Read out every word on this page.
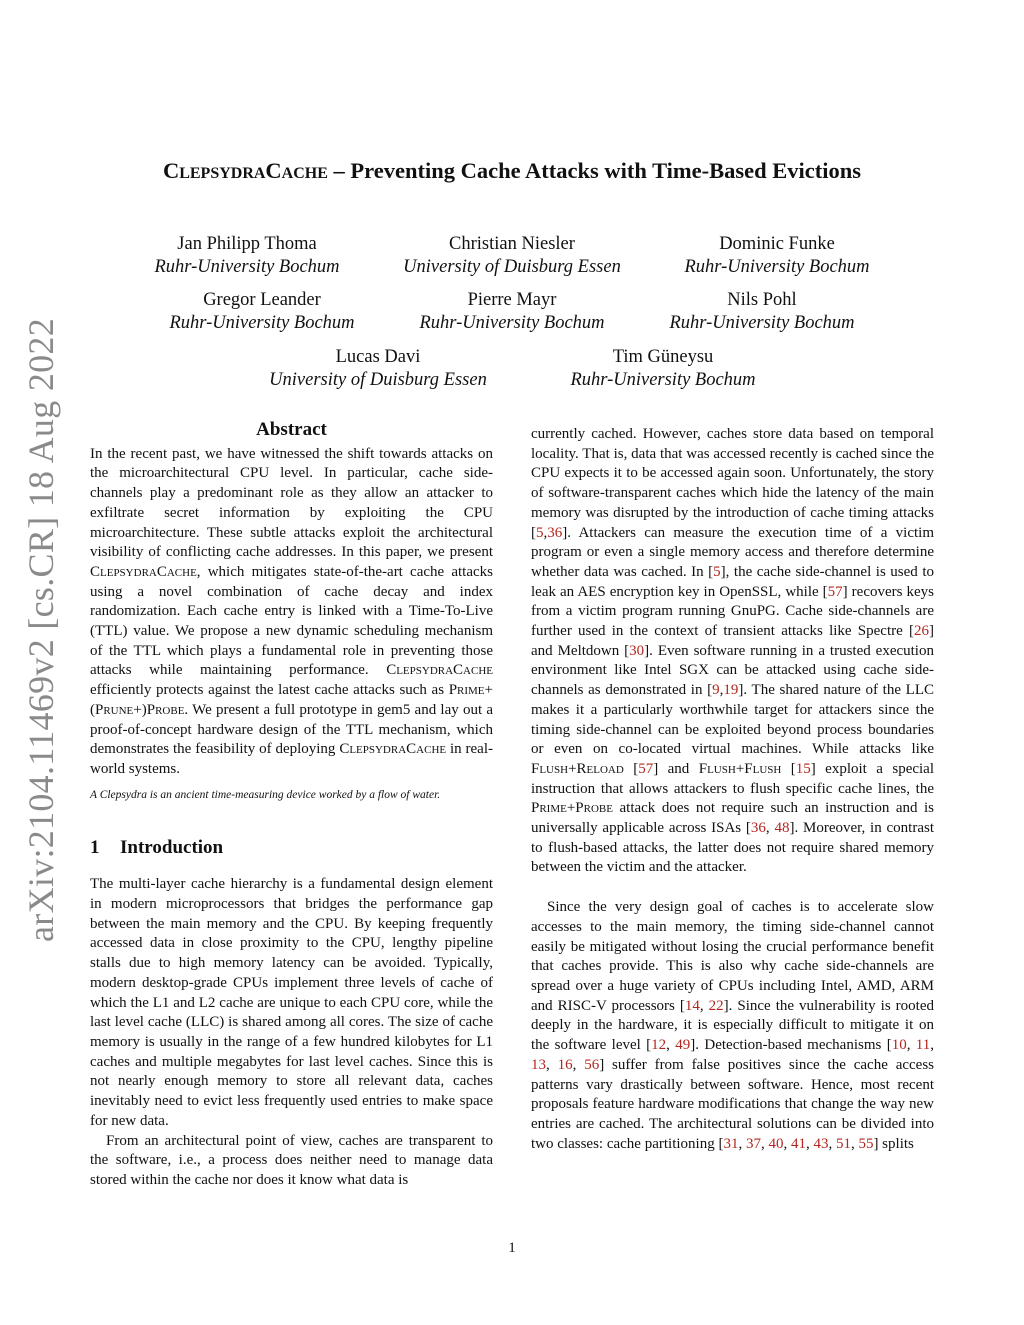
arXiv:2104.11469v2 [cs.CR] 18 Aug 2022
ClepsydraCache – Preventing Cache Attacks with Time-Based Evictions
Jan Philipp Thoma
Ruhr-University Bochum
Christian Niesler
University of Duisburg Essen
Dominic Funke
Ruhr-University Bochum
Gregor Leander
Ruhr-University Bochum
Pierre Mayr
Ruhr-University Bochum
Nils Pohl
Ruhr-University Bochum
Lucas Davi
University of Duisburg Essen
Tim Güneysu
Ruhr-University Bochum
Abstract

In the recent past, we have witnessed the shift towards attacks on the microarchitectural CPU level. In particular, cache side-channels play a predominant role as they allow an attacker to exfiltrate secret information by exploiting the CPU microarchitecture. These subtle attacks exploit the architectural visibility of conflicting cache addresses. In this paper, we present ClepsydraCache, which mitigates state-of-the-art cache attacks using a novel combination of cache decay and index randomization. Each cache entry is linked with a Time-To-Live (TTL) value. We propose a new dynamic scheduling mechanism of the TTL which plays a fundamental role in preventing those attacks while maintaining performance. ClepsydraCache efficiently protects against the latest cache attacks such as Prime+(Prune+)Probe. We present a full prototype in gem5 and lay out a proof-of-concept hardware design of the TTL mechanism, which demonstrates the feasibility of deploying ClepsydraCache in real-world systems.

A Clepsydra is an ancient time-measuring device worked by a flow of water.

1 Introduction

The multi-layer cache hierarchy is a fundamental design element in modern microprocessors that bridges the performance gap between the main memory and the CPU. By keeping frequently accessed data in close proximity to the CPU, lengthy pipeline stalls due to high memory latency can be avoided. Typically, modern desktop-grade CPUs implement three levels of cache of which the L1 and L2 cache are unique to each CPU core, while the last level cache (LLC) is shared among all cores. The size of cache memory is usually in the range of a few hundred kilobytes for L1 caches and multiple megabytes for last level caches. Since this is not nearly enough memory to store all relevant data, caches inevitably need to evict less frequently used entries to make space for new data.

From an architectural point of view, caches are transparent to the software, i.e., a process does neither need to manage data stored within the cache nor does it know what data is

currently cached. However, caches store data based on temporal locality. That is, data that was accessed recently is cached since the CPU expects it to be accessed again soon. Unfortunately, the story of software-transparent caches which hide the latency of the main memory was disrupted by the introduction of cache timing attacks [5,36]. Attackers can measure the execution time of a victim program or even a single memory access and therefore determine whether data was cached. In [5], the cache side-channel is used to leak an AES encryption key in OpenSSL, while [57] recovers keys from a victim program running GnuPG. Cache side-channels are further used in the context of transient attacks like Spectre [26] and Meltdown [30]. Even software running in a trusted execution environment like Intel SGX can be attacked using cache side-channels as demonstrated in [9,19]. The shared nature of the LLC makes it a particularly worthwhile target for attackers since the timing side-channel can be exploited beyond process boundaries or even on co-located virtual machines. While attacks like Flush+Reload [57] and Flush+Flush [15] exploit a special instruction that allows attackers to flush specific cache lines, the Prime+Probe attack does not require such an instruction and is universally applicable across ISAs [36, 48]. Moreover, in contrast to flush-based attacks, the latter does not require shared memory between the victim and the attacker.

Since the very design goal of caches is to accelerate slow accesses to the main memory, the timing side-channel cannot easily be mitigated without losing the crucial performance benefit that caches provide. This is also why cache side-channels are spread over a huge variety of CPUs including Intel, AMD, ARM and RISC-V processors [14, 22]. Since the vulnerability is rooted deeply in the hardware, it is especially difficult to mitigate it on the software level [12, 49]. Detection-based mechanisms [10, 11, 13, 16, 56] suffer from false positives since the cache access patterns vary drastically between software. Hence, most recent proposals feature hardware modifications that change the way new entries are cached. The architectural solutions can be divided into two classes: cache partitioning [31, 37, 40, 41, 43, 51, 55] splits

1
